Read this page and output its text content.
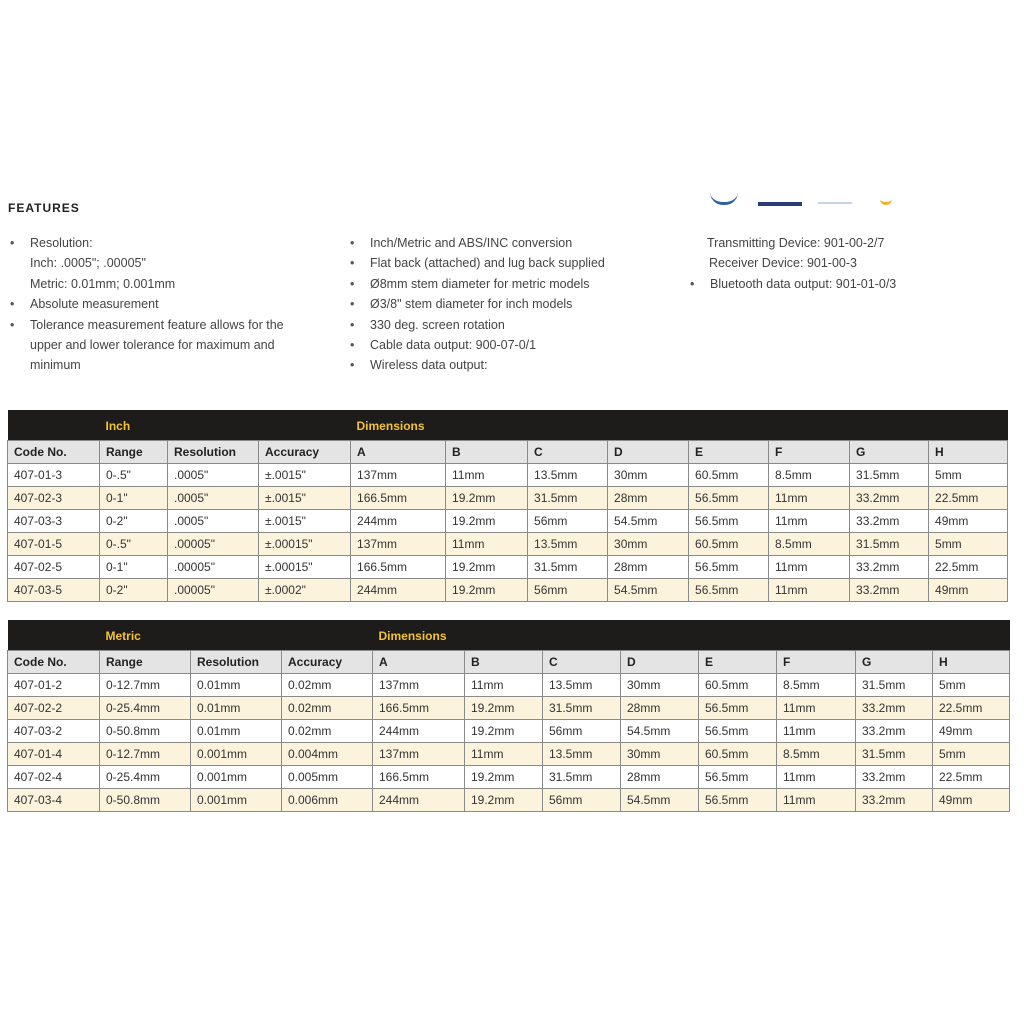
FEATURES
• Resolution:
Inch: .0005"; .00005"
Metric: 0.01mm; 0.001mm
• Absolute measurement
• Tolerance measurement feature allows for the
upper and lower tolerance for maximum and
minimum
• Inch/Metric and ABS/INC conversion
• Flat back (attached) and lug back supplied
• Ø8mm stem diameter for metric models
• Ø3/8" stem diameter for inch models
• 330 deg. screen rotation
• Cable data output: 900-07-0/1
• Wireless data output:
Transmitting Device: 901-00-2/7
Receiver Device: 901-00-3
• Bluetooth data output: 901-01-0/3
	Inch			Dimensions							
Code No.	Range	Resolution	Accuracy	A	B	C	D	E	F	G	H
407-01-3	0-.5"	.0005"	±.0015"	137mm	11mm	13.5mm	30mm	60.5mm	8.5mm	31.5mm	5mm
407-02-3	0-1"	.0005"	±.0015"	166.5mm	19.2mm	31.5mm	28mm	56.5mm	11mm	33.2mm	22.5mm
407-03-3	0-2"	.0005"	±.0015"	244mm	19.2mm	56mm	54.5mm	56.5mm	11mm	33.2mm	49mm
407-01-5	0-.5"	.00005"	±.00015"	137mm	11mm	13.5mm	30mm	60.5mm	8.5mm	31.5mm	5mm
407-02-5	0-1"	.00005"	±.00015"	166.5mm	19.2mm	31.5mm	28mm	56.5mm	11mm	33.2mm	22.5mm
407-03-5	0-2"	.00005"	±.0002"	244mm	19.2mm	56mm	54.5mm	56.5mm	11mm	33.2mm	49mm
	Metric			Dimensions							
Code No.	Range	Resolution	Accuracy	A	B	C	D	E	F	G	H
407-01-2	0-12.7mm	0.01mm	0.02mm	137mm	11mm	13.5mm	30mm	60.5mm	8.5mm	31.5mm	5mm
407-02-2	0-25.4mm	0.01mm	0.02mm	166.5mm	19.2mm	31.5mm	28mm	56.5mm	11mm	33.2mm	22.5mm
407-03-2	0-50.8mm	0.01mm	0.02mm	244mm	19.2mm	56mm	54.5mm	56.5mm	11mm	33.2mm	49mm
407-01-4	0-12.7mm	0.001mm	0.004mm	137mm	11mm	13.5mm	30mm	60.5mm	8.5mm	31.5mm	5mm
407-02-4	0-25.4mm	0.001mm	0.005mm	166.5mm	19.2mm	31.5mm	28mm	56.5mm	11mm	33.2mm	22.5mm
407-03-4	0-50.8mm	0.001mm	0.006mm	244mm	19.2mm	56mm	54.5mm	56.5mm	11mm	33.2mm	49mm
